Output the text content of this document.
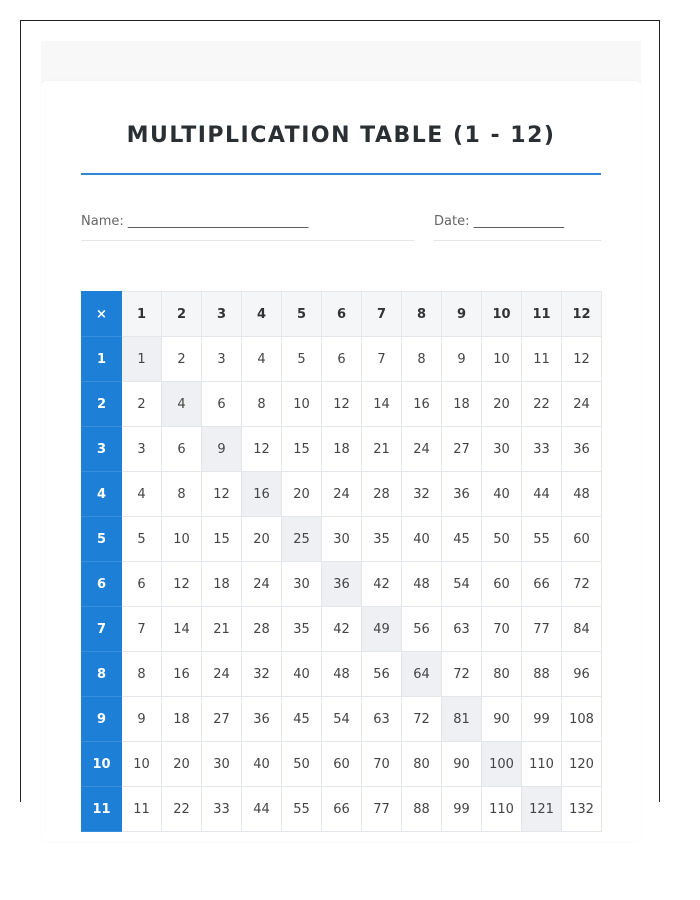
MULTIPLICATION TABLE (1 - 12)
Name: ______________________________	Date: _______________
×	1	2	3	4	5	6	7	8	9	10	11	12
1	1	2	3	4	5	6	7	8	9	10	11	12
2	2	4	6	8	10	12	14	16	18	20	22	24
3	3	6	9	12	15	18	21	24	27	30	33	36
4	4	8	12	16	20	24	28	32	36	40	44	48
5	5	10	15	20	25	30	35	40	45	50	55	60
6	6	12	18	24	30	36	42	48	54	60	66	72
7	7	14	21	28	35	42	49	56	63	70	77	84
8	8	16	24	32	40	48	56	64	72	80	88	96
9	9	18	27	36	45	54	63	72	81	90	99	108
10	10	20	30	40	50	60	70	80	90	100	110	120
11	11	22	33	44	55	66	77	88	99	110	121	132
